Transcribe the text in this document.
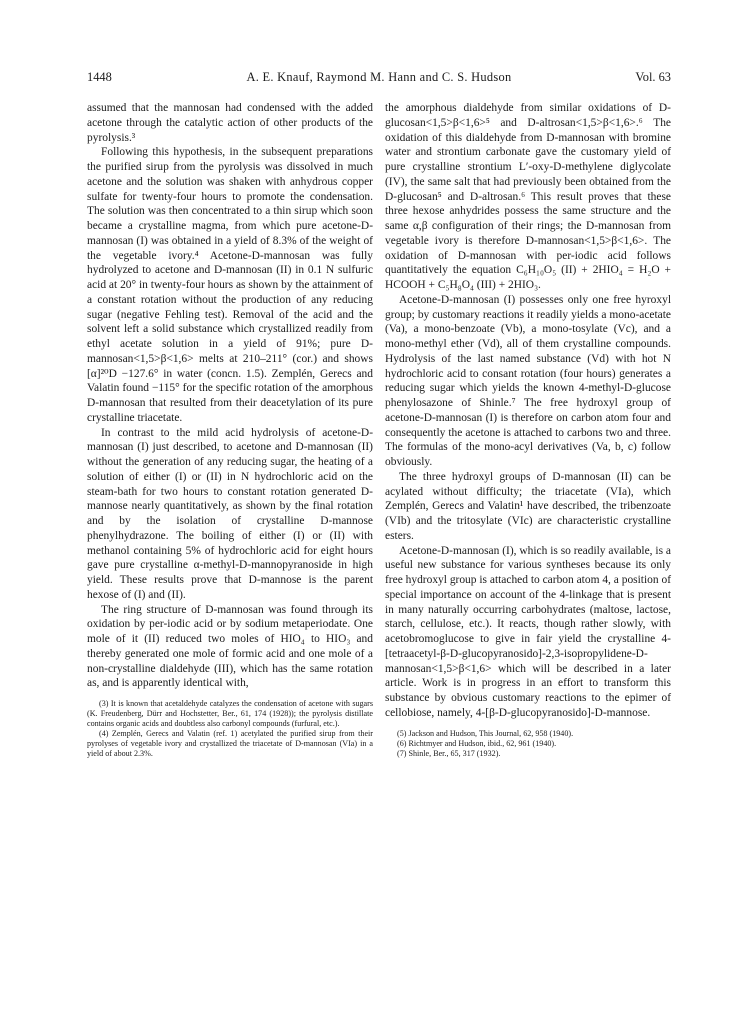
1448	A. E. Knauf, Raymond M. Hann and C. S. Hudson	Vol. 63

assumed that the mannosan had condensed with the added acetone through the catalytic action of other products of the pyrolysis.³

Following this hypothesis, in the subsequent preparations the purified sirup from the pyrolysis was dissolved in much acetone and the solution was shaken with anhydrous copper sulfate for twenty-four hours to promote the condensation. The solution was then concentrated to a thin sirup which soon became a crystalline magma, from which pure acetone-D-mannosan (I) was obtained in a yield of 8.3% of the weight of the vegetable ivory.⁴ Acetone-D-mannosan was fully hydrolyzed to acetone and D-mannosan (II) in 0.1 N sulfuric acid at 20° in twenty-four hours as shown by the attainment of a constant rotation without the production of any reducing sugar (negative Fehling test). Removal of the acid and the solvent left a solid substance which crystallized readily from ethyl acetate solution in a yield of 91%; pure D-mannosan<1,5>β<1,6> melts at 210–211° (cor.) and shows [α]²⁰D −127.6° in water (concn. 1.5). Zemplén, Gerecs and Valatin found −115° for the specific rotation of the amorphous D-mannosan that resulted from their deacetylation of its pure crystalline triacetate.

In contrast to the mild acid hydrolysis of acetone-D-mannosan (I) just described, to acetone and D-mannosan (II) without the generation of any reducing sugar, the heating of a solution of either (I) or (II) in N hydrochloric acid on the steam-bath for two hours to constant rotation generated D-mannose nearly quantitatively, as shown by the final rotation and by the isolation of crystalline D-mannose phenylhydrazone. The boiling of either (I) or (II) with methanol containing 5% of hydrochloric acid for eight hours gave pure crystalline α-methyl-D-mannopyranoside in high yield. These results prove that D-mannose is the parent hexose of (I) and (II).

The ring structure of D-mannosan was found through its oxidation by per-iodic acid or by sodium metaperiodate. One mole of it (II) reduced two moles of HIO₄ to HIO₃ and thereby generated one mole of formic acid and one mole of a non-crystalline dialdehyde (III), which has the same rotation as, and is apparently identical with,

(3) It is known that acetaldehyde catalyzes the condensation of acetone with sugars (K. Freudenberg, Dürr and Hochstetter, Ber., 61, 174 (1928)); the pyrolysis distillate contains organic acids and doubtless also carbonyl compounds (furfural, etc.).

(4) Zemplén, Gerecs and Valatin (ref. 1) acetylated the purified sirup from their pyrolyses of vegetable ivory and crystallized the triacetate of D-mannosan (VIa) in a yield of about 2.3%.

the amorphous dialdehyde from similar oxidations of D-glucosan<1,5>β<1,6>⁵ and D-altrosan<1,5>β<1,6>.⁶ The oxidation of this dialdehyde from D-mannosan with bromine water and strontium carbonate gave the customary yield of pure crystalline strontium L′-oxy-D-methylene diglycolate (IV), the same salt that had previously been obtained from the D-glucosan⁵ and D-altrosan.⁶ This result proves that these three hexose anhydrides possess the same structure and the same α,β configuration of their rings; the D-mannosan from vegetable ivory is therefore D-mannosan<1,5>β<1,6>. The oxidation of D-mannosan with per-iodic acid follows quantitatively the equation C₆H₁₀O₅ (II) + 2HIO₄ = H₂O + HCOOH + C₅H₈O₄ (III) + 2HIO₃.

Acetone-D-mannosan (I) possesses only one free hyroxyl group; by customary reactions it readily yields a mono-acetate (Va), a mono-benzoate (Vb), a mono-tosylate (Vc), and a mono-methyl ether (Vd), all of them crystalline compounds. Hydrolysis of the last named substance (Vd) with hot N hydrochloric acid to consant rotation (four hours) generates a reducing sugar which yields the known 4-methyl-D-glucose phenylosazone of Shinle.⁷ The free hydroxyl group of acetone-D-mannosan (I) is therefore on carbon atom four and consequently the acetone is attached to carbons two and three. The formulas of the mono-acyl derivatives (Va, b, c) follow obviously.

The three hydroxyl groups of D-mannosan (II) can be acylated without difficulty; the triacetate (VIa), which Zemplén, Gerecs and Valatin¹ have described, the tribenzoate (VIb) and the tritosylate (VIc) are characteristic crystalline esters.

Acetone-D-mannosan (I), which is so readily available, is a useful new substance for various syntheses because its only free hydroxyl group is attached to carbon atom 4, a position of special importance on account of the 4-linkage that is present in many naturally occurring carbohydrates (maltose, lactose, starch, cellulose, etc.). It reacts, though rather slowly, with acetobromoglucose to give in fair yield the crystalline 4-[tetraacetyl-β-D-glucopyranosido]-2,3-isopropylidene-D-mannosan<1,5>β<1,6> which will be described in a later article. Work is in progress in an effort to transform this substance by obvious customary reactions to the epimer of cellobiose, namely, 4-[β-D-glucopyranosido]-D-mannose.

(5) Jackson and Hudson, This Journal, 62, 958 (1940).

(6) Richtmyer and Hudson, ibid., 62, 961 (1940).

(7) Shinle, Ber., 65, 317 (1932).
